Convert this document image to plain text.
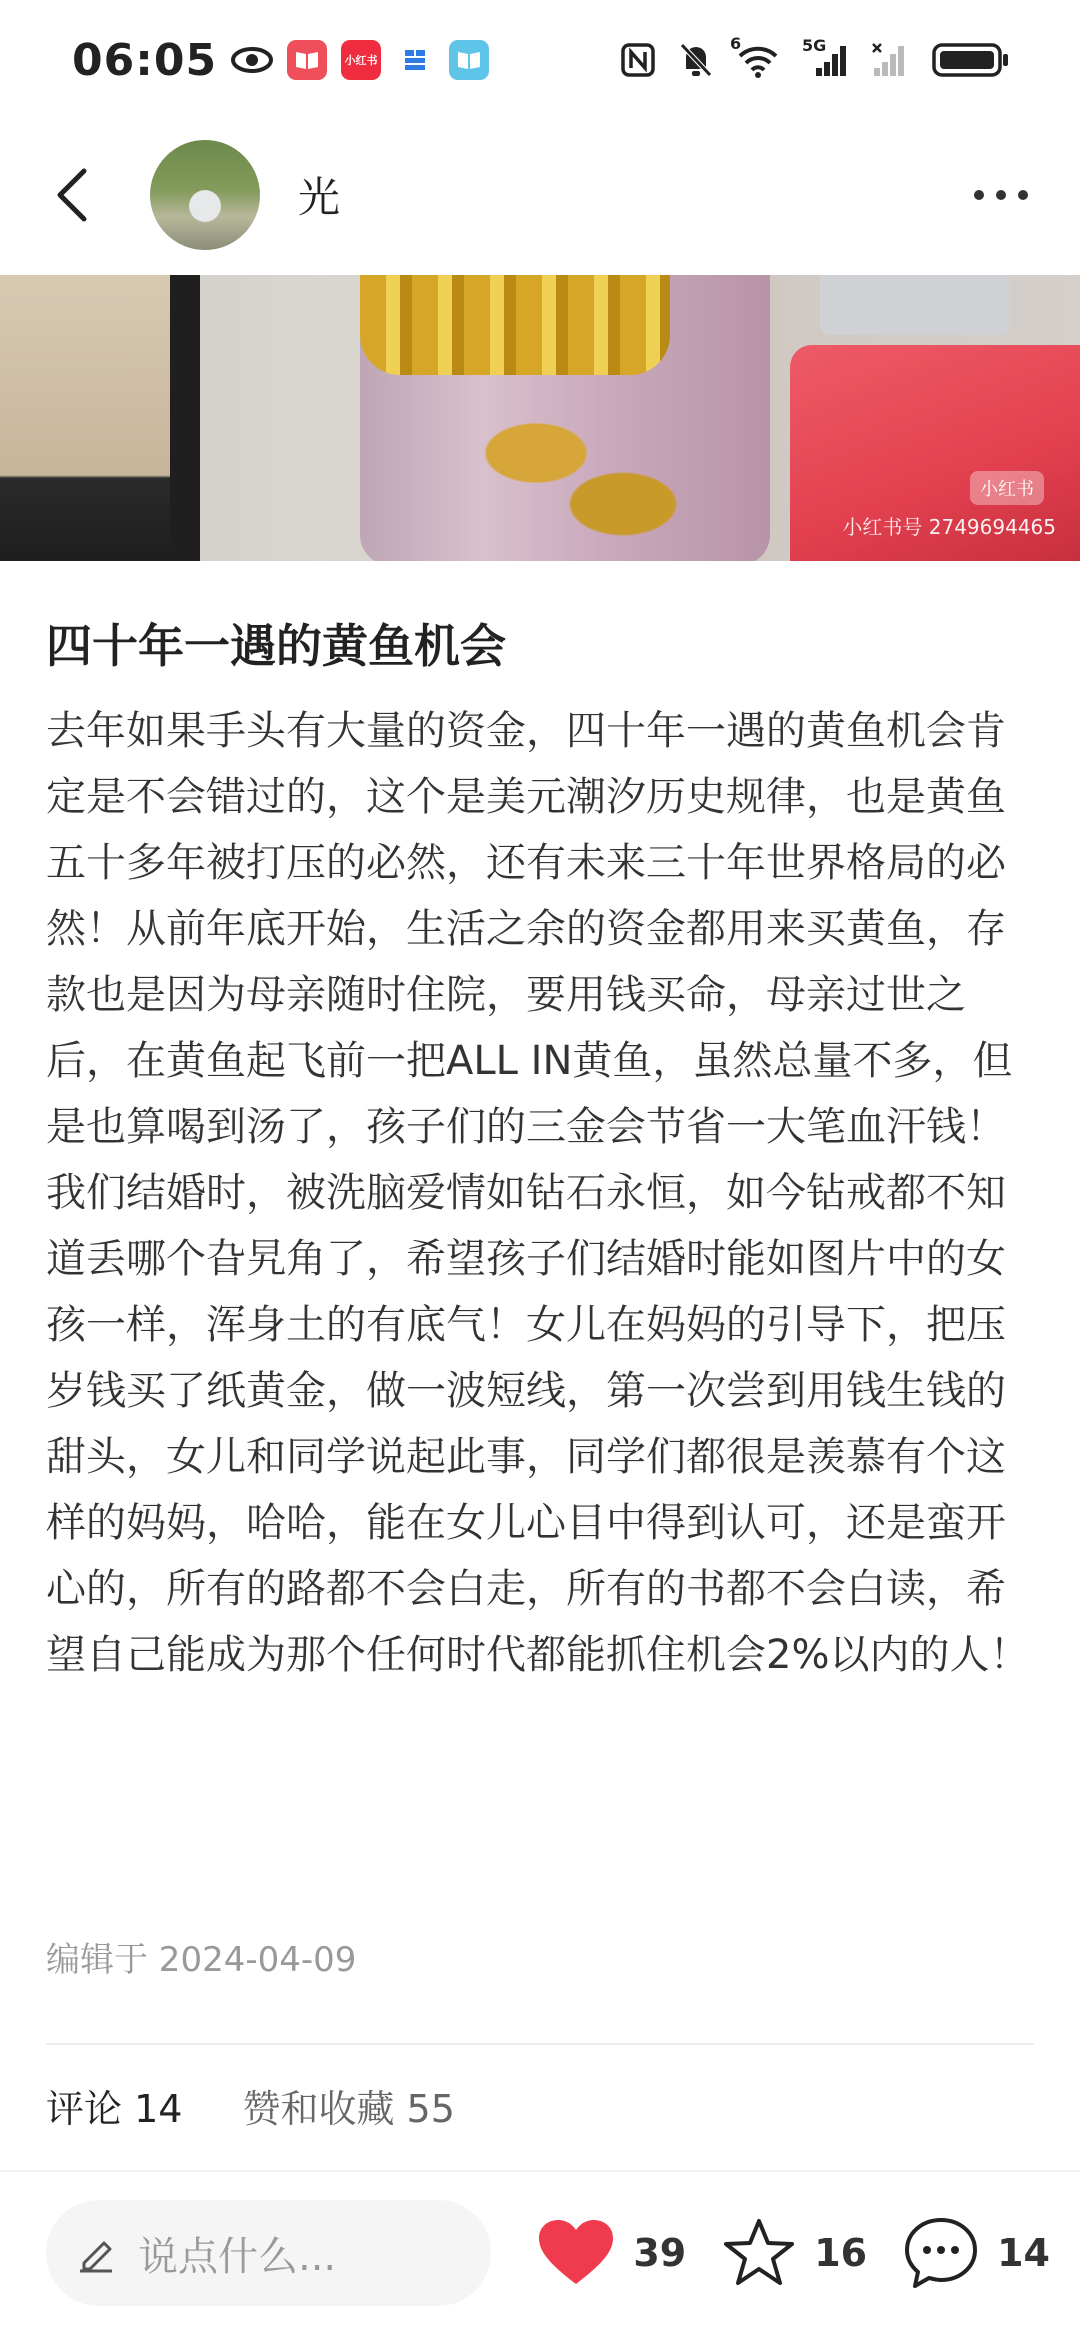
06:05	小红书
6	5G
光
小红书
小红书号 2749694465
四十年一遇的黄鱼机会
去年如果手头有大量的资金，四十年一遇的黄鱼机会肯定是不会错过的，这个是美元潮汐历史规律，也是黄鱼五十多年被打压的必然，还有未来三十年世界格局的必然！从前年底开始，生活之余的资金都用来买黄鱼，存款也是因为母亲随时住院，要用钱买命，母亲过世之后，在黄鱼起飞前一把ALL IN黄鱼，虽然总量不多，但是也算喝到汤了，孩子们的三金会节省一大笔血汗钱！我们结婚时，被洗脑爱情如钻石永恒，如今钻戒都不知道丢哪个旮旯角了，希望孩子们结婚时能如图片中的女孩一样，浑身土的有底气！女儿在妈妈的引导下，把压岁钱买了纸黄金，做一波短线，第一次尝到用钱生钱的甜头，女儿和同学说起此事，同学们都很是羡慕有个这样的妈妈，哈哈，能在女儿心目中得到认可，还是蛮开心的，所有的路都不会白走，所有的书都不会白读，希望自己能成为那个任何时代都能抓住机会2%以内的人！
编辑于 2024-04-09
评论 14 赞和收藏 55
说点什么...	39	16	14
